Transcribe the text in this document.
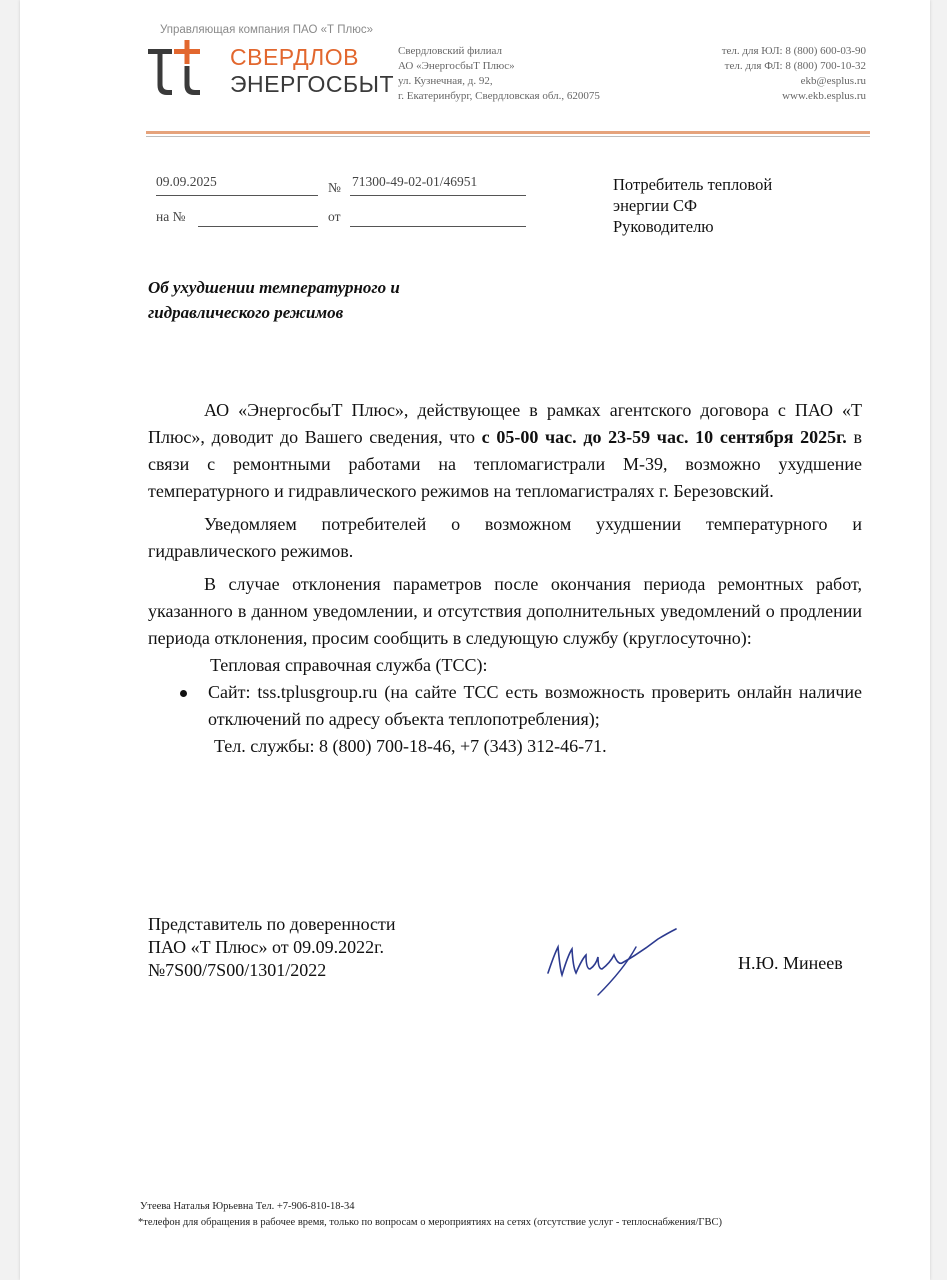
Управляющая компания ПАО «Т Плюс»
СВЕРДЛОВ
ЭНЕРГОСБЫТ
Свердловский филиал
АО «ЭнергосбыТ Плюс»
ул. Кузнечная, д. 92,
г. Екатеринбург, Свердловская обл., 620075
тел. для ЮЛ: 8 (800) 600-03-90
тел. для ФЛ: 8 (800) 700-10-32
ekb@esplus.ru
www.ekb.esplus.ru
09.09.2025	№ 71300-49-02-01/46951
на №	от
Потребитель тепловой
энергии СФ
Руководителю
Об ухудшении температурного и
гидравлического режимов

АО «ЭнергосбыТ Плюс», действующее в рамках агентского договора с ПАО «Т Плюс», доводит до Вашего сведения, что с 05-00 час. до 23-59 час. 10 сентября 2025г. в связи с ремонтными работами на тепломагистрали М-39, возможно ухудшение температурного и гидравлического режимов на тепломагистралях г. Березовский.

Уведомляем потребителей о возможном ухудшении температурного и гидравлического режимов.

В случае отклонения параметров после окончания периода ремонтных работ, указанного в данном уведомлении, и отсутствия дополнительных уведомлений о продлении периода отклонения, просим сообщить в следующую службу (круглосуточно):

Тепловая справочная служба (ТСС):

Сайт: tss.tplusgroup.ru (на сайте ТСС есть возможность проверить онлайн наличие отключений по адресу объекта теплопотребления);

Тел. службы: 8 (800) 700-18-46, +7 (343) 312-46-71.

Представитель по доверенности
ПАО «Т Плюс» от 09.09.2022г.
№7S00/7S00/1301/2022	Н.Ю. Минеев
Утеева Наталья Юрьевна Тел. +7-906-810-18-34
*телефон для обращения в рабочее время, только по вопросам о мероприятиях на сетях (отсутствие услуг - теплоснабжения/ГВС)
